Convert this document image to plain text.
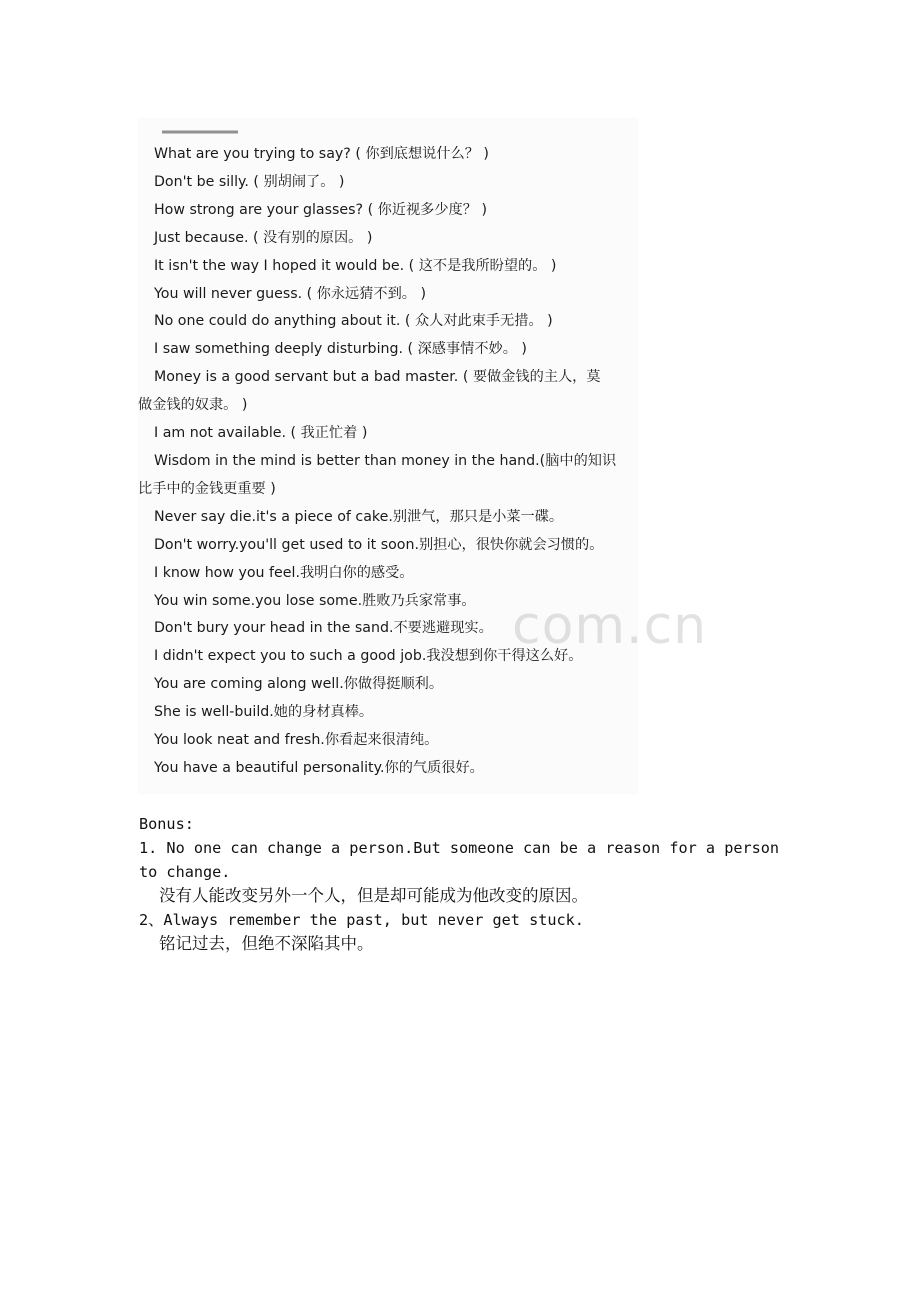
What are you trying to say? ( 你到底想说什么？ )
Don't be silly. ( 别胡闹了。 )
How strong are your glasses? ( 你近视多少度？ )
Just because. ( 没有别的原因。 )
It isn't the way I hoped it would be. ( 这不是我所盼望的。 )
You will never guess. ( 你永远猜不到。 )
No one could do anything about it. ( 众人对此束手无措。 )
I saw something deeply disturbing. ( 深感事情不妙。 )
Money is a good servant but a bad master. ( 要做金钱的主人，莫
做金钱的奴隶。 )
I am not available. ( 我正忙着 )
Wisdom in the mind is better than money in the hand.(脑中的知识
比手中的金钱更重要 )
Never say die.it's a piece of cake.别泄气，那只是小菜一碟。
Don't worry.you'll get used to it soon.别担心，很快你就会习惯的。
I know how you feel.我明白你的感受。
You win some.you lose some.胜败乃兵家常事。
Don't bury your head in the sand.不要逃避现实。
I didn't expect you to such a good job.我没想到你干得这么好。
You are coming along well.你做得挺顺利。
She is well-build.她的身材真棒。
You look neat and fresh.你看起来很清纯。
You have a beautiful personality.你的气质很好。
com.cn
Bonus:
1. No one can change a person.But someone can be a reason for a person
to change.
没有人能改变另外一个人，但是却可能成为他改变的原因。
2、Always remember the past, but never get stuck.
铭记过去，但绝不深陷其中。
